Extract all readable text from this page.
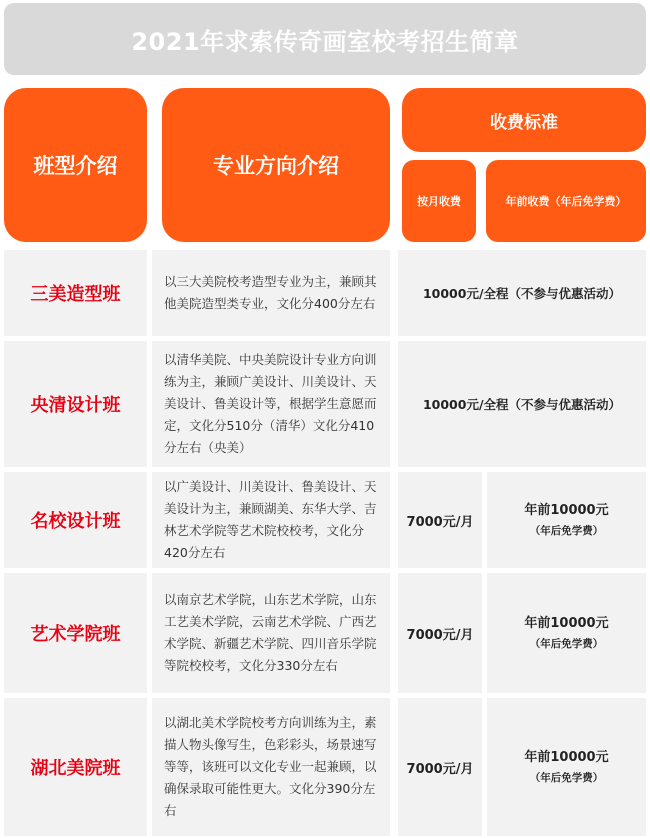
2021年求索传奇画室校考招生简章
班型介绍	专业方向介绍
收费标准
按月收费	年前收费（年后免学费）
三美造型班
以三大美院校考造型专业为主，兼顾其他美院造型类专业，文化分400分左右
10000元/全程（不参与优惠活动）
央清设计班
以清华美院、中央美院设计专业方向训练为主，兼顾广美设计、川美设计、天美设计、鲁美设计等，根据学生意愿而定，文化分510分（清华）文化分410分左右（央美）
10000元/全程（不参与优惠活动）
名校设计班
以广美设计、川美设计、鲁美设计、天美设计为主，兼顾湖美、东华大学、吉林艺术学院等艺术院校校考，文化分420分左右
7000元/月
年前10000元
（年后免学费）
艺术学院班
以南京艺术学院，山东艺术学院，山东工艺美术学院，云南艺术学院、广西艺术学院、新疆艺术学院、四川音乐学院等院校校考，文化分330分左右
7000元/月
年前10000元
（年后免学费）
湖北美院班
以湖北美术学院校考方向训练为主，素描人物头像写生，色彩彩头，场景速写等等，该班可以文化专业一起兼顾，以确保录取可能性更大。文化分390分左右
7000元/月
年前10000元
（年后免学费）
